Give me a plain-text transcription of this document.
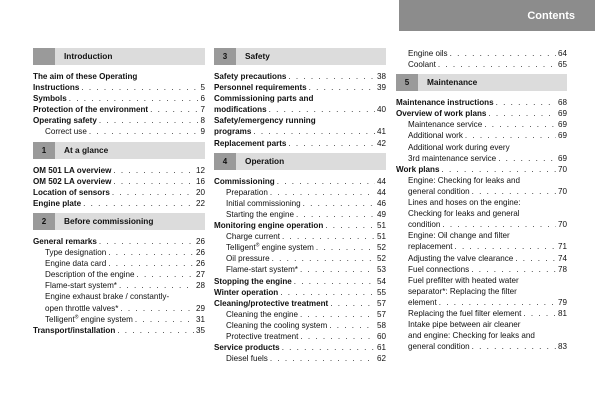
Contents
Introduction
The aim of these Operating
Instructions . . .	5
Symbols . . .	6
Protection of the environment . . .	7
Operating safety . . .	8
Correct use . . .	9
1	At a glance
OM 501 LA overview . . .	12
OM 502 LA overview . . .	16
Location of sensors . . .	20
Engine plate . . .	22
2	Before commissioning
General remarks . . .	26
Type designation . . .	26
Engine data card . . .	26
Description of the engine . . .	27
Flame-start system* . . .	28
Engine exhaust brake / constantly-
open throttle valves* . . .	29
Telligent® engine system . . .	31
Transport/installation . . .	35
3	Safety
Safety precautions . . .	38
Personnel requirements . . .	39
Commissioning parts and
modifications . . .	40
Safety/emergency running
programs . . .	41
Replacement parts . . .	42
4	Operation
Commissioning . . .	44
Preparation . . .	44
Initial commissioning . . .	46
Starting the engine . . .	49
Monitoring engine operation . . .	51
Charge current . . .	51
Telligent® engine system . . .	52
Oil pressure . . .	52
Flame-start system* . . .	53
Stopping the engine . . .	54
Winter operation . . .	55
Cleaning/protective treatment . . .	57
Cleaning the engine . . .	57
Cleaning the cooling system . . .	58
Protective treatment . . .	60
Service products . . .	61
Diesel fuels . . .	62
Engine oils . . .	64
Coolant . . .	65
5	Maintenance
Maintenance instructions . . .	68
Overview of work plans . . .	69
Maintenance service . . .	69
Additional work . . .	69
Additional work during every
3rd maintenance service . . .	69
Work plans . . .	70
Engine: Checking for leaks and
general condition . . .	70
Lines and hoses on the engine:
Checking for leaks and general
condition . . .	70
Engine: Oil change and filter
replacement . . .	71
Adjusting the valve clearance . . .	74
Fuel connections . . .	78
Fuel prefilter with heated water
separator*: Replacing the filter
element . . .	79
Replacing the fuel filter element . . .	81
Intake pipe between air cleaner
and engine: Checking for leaks and
general condition . . .	83
